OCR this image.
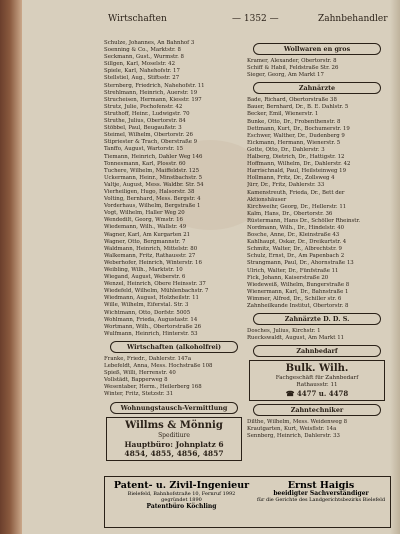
Wirtschaften	— 1352 —	Zahnbehandler
Schulze, Johannes, An Bahnhof 3
Soenning & Co., Marktstr. 8
Seckmann, Gust., Wurmstr. 8
Sillgen, Karl, Moselstr. 42
Spiele, Karl, Nahehofstr. 17
Stellstiel, Aug., Stiftsstr. 27
Sternberg, Friedrich, Nahehofstr. 11
Strehlmann, Heinrich, Auerstr. 19
Strucheisen, Hermann, Kiesstr. 197
Strutz, Julie, Pochofenstr. 42
Struthoff, Heinr., Ludwigstr. 70
Struthe, Julius, Obertorstr. 84
Stöbbel, Paul, Beugaußstr. 3
Steimel, Wilhelm, Obertorstr. 26
Stipriester & Trach, Oberstraße 9
Tanffo, August, Wartorstr. 15
Tiemann, Heinrich, Dahler Weg 146
Tonnesmann, Karl, Plosstr. 60
Tuchere, Wilhelm, Maiffeldstr. 125
Uckermann, Heinr., Minstbachstr. 5
Valtje, August, Mess. Waldbr. Str. 54
Vierheiligen, Hugo, Halsorstr. 38
Volting, Bernhard, Mess. Bergstr. 4
Vorderhaus, Wilhelm, Bergstraße 1
Vogt, Wilhelm, Haller Weg 20
Wendedilt, Georg, Wmstr. 16
Wiedemann, Wilh., Wallstr. 49
Wagner, Karl, Am Kurgarten 21
Wagner, Otto, Bergmannstr. 7
Waldmann, Heinrich, Mittelstr. 80
Walkemann, Fritz, Rathausstr. 27
Weberhofer, Heinrich, Winterstr. 16
Weibling, Wilh., Marktstr. 10
Wiegand, August, Weberstr. 6
Wenzel, Heinrich, Obere Heinsstr. 37
Wiedefeld, Wilhelm, Mühlenbachstr. 7
Wiedmann, August, Holzheilstr. 11
Wille, Wilhelm, Eiferstal. Str. 3
Wichtmann, Otto, Dorfstr. 5005
Wohlmann, Frieda, Augustastr. 14
Wortmann, Wilh., Obertorstraße 26
Wulfmann, Heinrich, Hinterstr. 53
Wirtschaften (alkoholfrei)
Franke, Friedr., Dahlerstr. 147a
Lebefeldt, Anna, Mess. Hochstraße 108
Spieß, Willi, Herrenstr. 40
Vollstädt, Bapperweg 8
Wesentaber, Herm., Heilerberg 168
Winter, Fritz, Stetzstr. 31
Wohnungstausch-Vermittlung
Willms & Mönnig
Speditiure
Hauptbüro: Johnplatz 6
4854, 4855, 4856, 4857
Wollwaren en gros
Kramer, Alexander, Obertorstr. 8
Schiff & Habil, Feldstraße Str. 26
Sieger, Georg, Am Markt 17
Zahnärzte
Bade, Richard, Obertorstraße 38
Bauer, Bernhard, Dr., B. E. Dahlstr. 5
Becker, Emil, Wienerstr. 1
Bunke, Otto, Dr., Frobenthenstr. 8
Dettmann, Kurt, Dr., Bochumerstr. 19
Eschwer, Walther, Dr., Dudenberg 9
Eickmann, Hermann, Wienerstr. 5
Gotte, Otto, Dr., Dahlerstr. 3
Halberg, Dietrich, Dr., Hattigstr. 12
Hoffmann, Wilhelm, Dr., Dahlerstr. 42
Harrischnald, Paul, Heilsteinweg 19
Hollmann, Fritz, Dr., Zollsweg 4
Jürr, Dr., Fritz, Dahlerstr. 33
Kamenstreuth, Frieda, Dr., Bett der
Aktionshäuser
Kirchweihr, Georg, Dr., Hellerstr. 11
Kalm, Hans, Dr., Obertorstr. 36
Rüstermann, Hans Dr., Schöller Rheinstr.
Nordmann, Wilh., Dr., Hindelstr. 40
Bosche, Anne, Dr., Kleinstraße 43
Kahlhaupt, Oskar, Dr., Dreikurtstr. 4
Schmitz, Walter, Dr., Albrechtstr. 9
Schulz, Ernst, Dr., Am Papenbach 2
Strangmann, Paul, Dr., Ahornstraße 13
Ulrich, Walter, Dr., Fünfstraße 11
Fick, Johann, Kaiserstraße 20
Wiedeweiß, Wilhelm, Bungerstraße 8
Wienermann, Karl, Dr., Bahnstraße 1
Wimmer, Alfred, Dr., Schiller str. 6
Zahnheilkunde Institut, Obertorstr. 8
Zahnärzte D. D. S.
Dosches, Julius, Kirchstr. 1
Rueckswaldt, August, Am Markt 11
Zahnbedarf
Bulk. Wilh.
Fachgeschäft für Zahnbedarf
Rathausstr. 11
☎ 4477 u. 4478
Zahntechniker
Dilthe, Wilhelm, Mess. Weidenweg 8
Krautgarten, Kurt, Weisflstr. 14a
Sennberg, Heinrich, Dahlerstr. 33
Patent- u. Zivil-Ingenieur
Bielefeld, Bahnhofstraße 10, Fernruf 1992
gegründet 1890
Patentbüro Köchling
Ernst Haigis
beeidigter Sachverständiger
für die Gerichte des Landgerichtsbezirks Bielefeld
